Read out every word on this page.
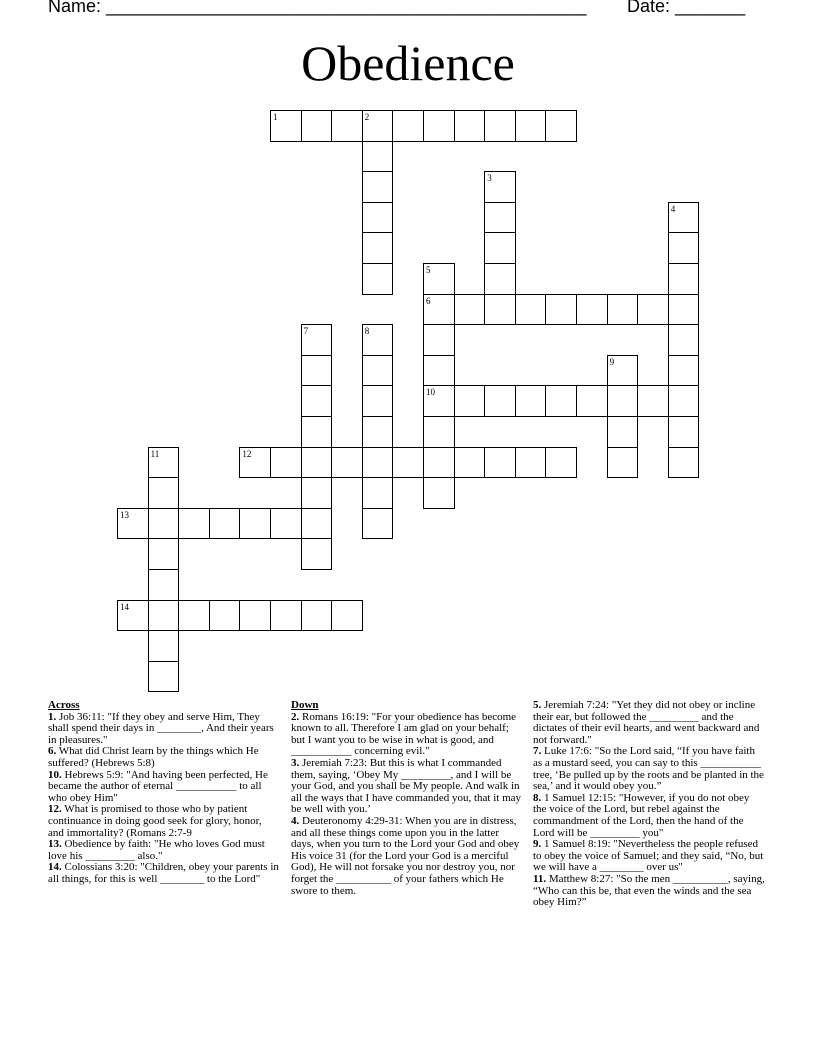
Name: ________________________________________________ Date: _______
Obedience
1	2
3
4
5
6
10
7	8
9
11	12
13
14
Across
1. Job 36:11: "If they obey and serve Him, They shall spend their days in ________, And their years in pleasures."
6. What did Christ learn by the things which He suffered? (Hebrews 5:8)
10. Hebrews 5:9: "And having been perfected, He became the author of eternal ___________ to all who obey Him"
12. What is promised to those who by patient continuance in doing good seek for glory, honor, and immortality? (Romans 2:7-9
13. Obedience by faith: "He who loves God must love his _________ also."
14. Colossians 3:20: "Children, obey your parents in all things, for this is well ________ to the Lord"
Down
2. Romans 16:19: "For your obedience has become known to all. Therefore I am glad on your behalf; but I want you to be wise in what is good, and ___________ concerning evil."
3. Jeremiah 7:23: But this is what I commanded them, saying, ‘Obey My _________, and I will be your God, and you shall be My people. And walk in all the ways that I have commanded you, that it may be well with you.’
4. Deuteronomy 4:29-31: When you are in distress, and all these things come upon you in the latter days, when you turn to the Lord your God and obey His voice 31 (for the Lord your God is a merciful God), He will not forsake you nor destroy you, nor forget the __________ of your fathers which He swore to them.
5. Jeremiah 7:24: "Yet they did not obey or incline their ear, but followed the _________ and the dictates of their evil hearts, and went backward and not forward."
7. Luke 17:6: "So the Lord said, “If you have faith as a mustard seed, you can say to this ___________ tree, ‘Be pulled up by the roots and be planted in the sea,’ and it would obey you.”
8. 1 Samuel 12:15: "However, if you do not obey the voice of the Lord, but rebel against the commandment of the Lord, then the hand of the Lord will be _________ you"
9. 1 Samuel 8:19: "Nevertheless the people refused to obey the voice of Samuel; and they said, “No, but we will have a ________ over us"
11. Matthew 8:27: "So the men __________, saying, “Who can this be, that even the winds and the sea obey Him?”
